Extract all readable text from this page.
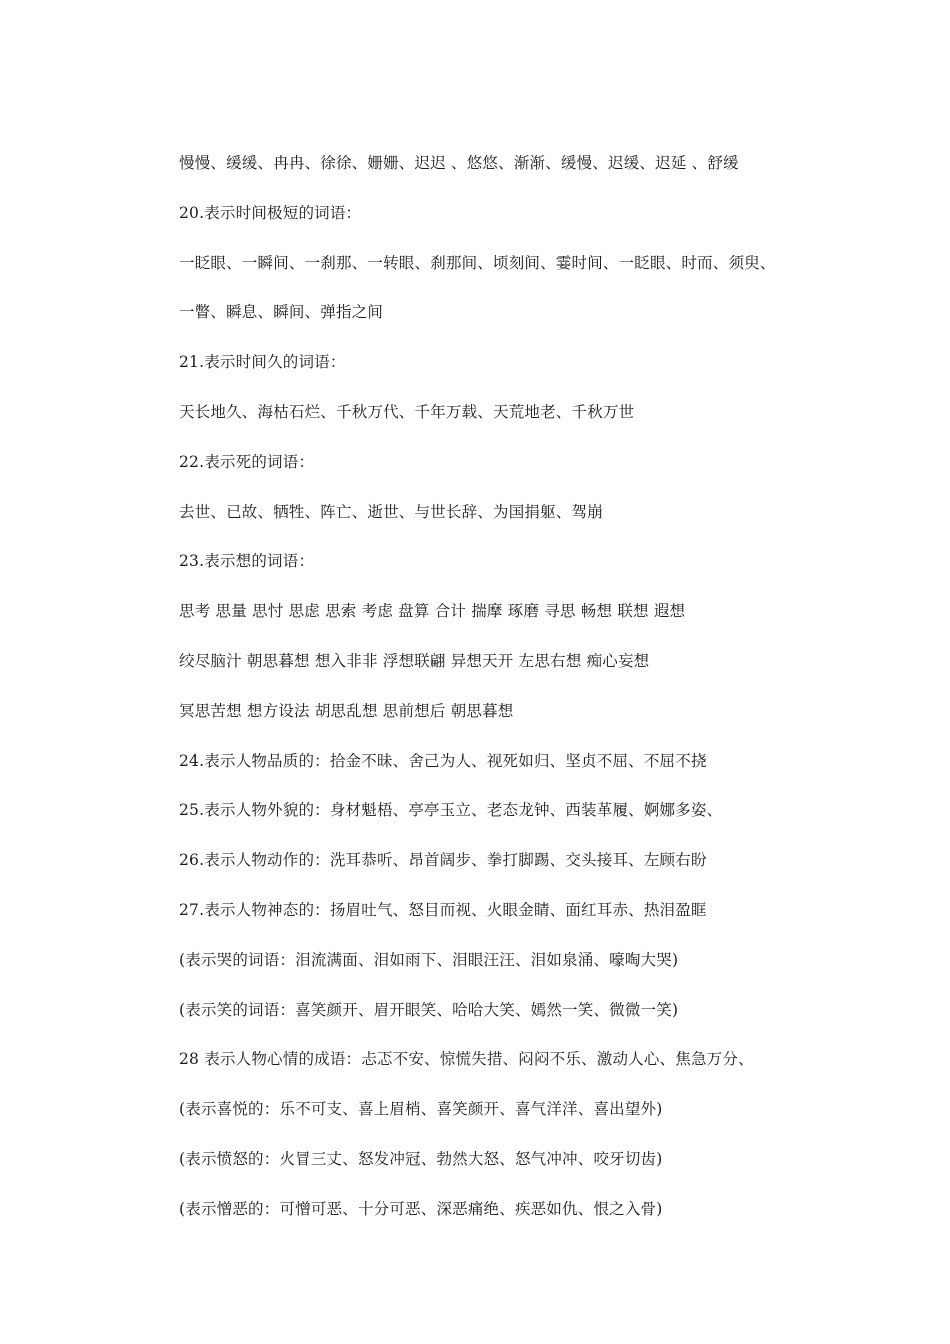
慢慢、缓缓、冉冉、徐徐、姗姗、迟迟 、悠悠、渐渐、缓慢、迟缓、迟延 、舒缓
20.表示时间极短的词语：
一眨眼、一瞬间、一刹那、一转眼、刹那间、顷刻间、霎时间、一眨眼、时而、须臾、
一瞥、瞬息、瞬间、弹指之间
21.表示时间久的词语：
天长地久、海枯石烂、千秋万代、千年万载、天荒地老、千秋万世
22.表示死的词语：
去世、已故、牺牲、阵亡、逝世、与世长辞、为国捐躯、驾崩
23.表示想的词语：
思考 思量 思忖 思虑 思索 考虑 盘算 合计 揣摩 琢磨 寻思 畅想 联想 遐想
绞尽脑汁 朝思暮想 想入非非 浮想联翩 异想天开 左思右想 痴心妄想
冥思苦想 想方设法 胡思乱想 思前想后 朝思暮想
24.表示人物品质的：拾金不昧、舍己为人、视死如归、坚贞不屈、不屈不挠
25.表示人物外貌的：身材魁梧、亭亭玉立、老态龙钟、西装革履、婀娜多姿、
26.表示人物动作的：洗耳恭听、昂首阔步、拳打脚踢、交头接耳、左顾右盼
27.表示人物神态的：扬眉吐气、怒目而视、火眼金睛、面红耳赤、热泪盈眶
(表示哭的词语：泪流满面、泪如雨下、泪眼汪汪、泪如泉涌、嚎啕大哭)
(表示笑的词语：喜笑颜开、眉开眼笑、哈哈大笑、嫣然一笑、微微一笑)
28 表示人物心情的成语：忐忑不安、惊慌失措、闷闷不乐、激动人心、焦急万分、
(表示喜悦的：乐不可支、喜上眉梢、喜笑颜开、喜气洋洋、喜出望外)
(表示愤怒的：火冒三丈、怒发冲冠、勃然大怒、怒气冲冲、咬牙切齿)
(表示憎恶的：可憎可恶、十分可恶、深恶痛绝、疾恶如仇、恨之入骨)
